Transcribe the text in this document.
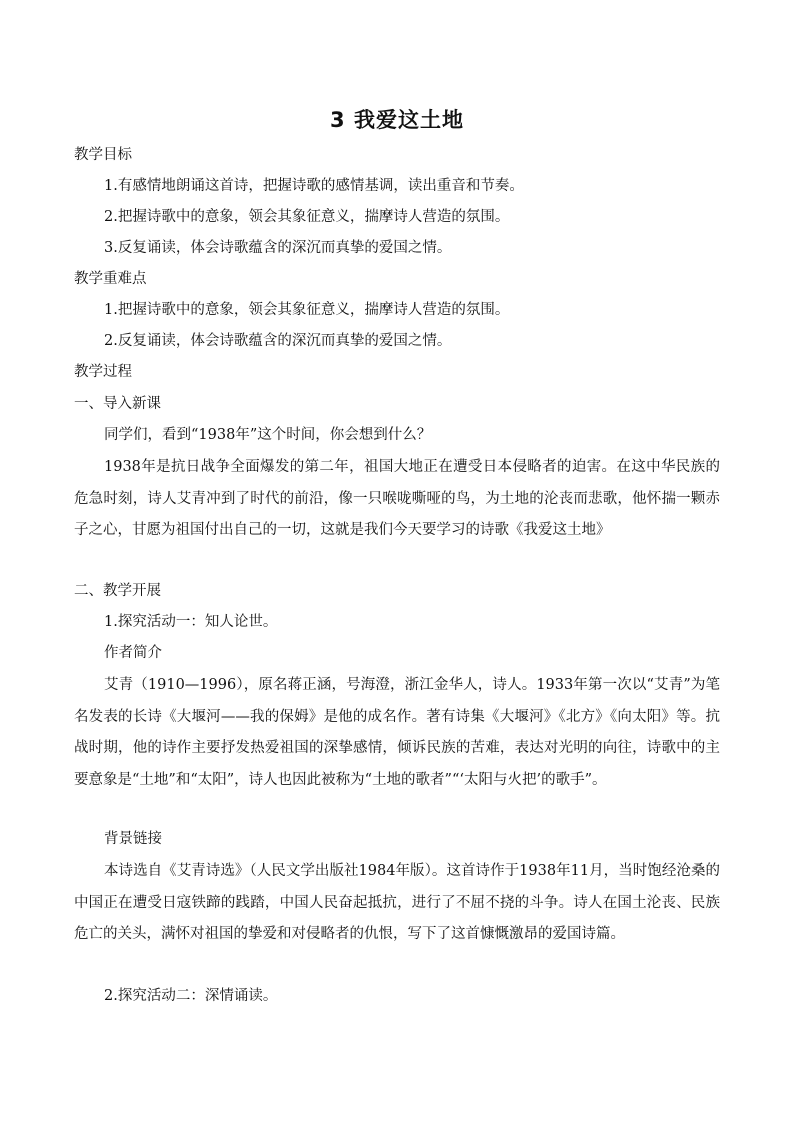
3 我爱这土地
教学目标
1.有感情地朗诵这首诗，把握诗歌的感情基调，读出重音和节奏。
2.把握诗歌中的意象，领会其象征意义，揣摩诗人营造的氛围。
3.反复诵读，体会诗歌蕴含的深沉而真挚的爱国之情。
教学重难点
1.把握诗歌中的意象，领会其象征意义，揣摩诗人营造的氛围。
2.反复诵读，体会诗歌蕴含的深沉而真挚的爱国之情。
教学过程
一、导入新课
同学们，看到“1938年”这个时间，你会想到什么？

1938年是抗日战争全面爆发的第二年，祖国大地正在遭受日本侵略者的迫害。在这中华民族的危急时刻，诗人艾青冲到了时代的前沿，像一只喉咙嘶哑的鸟，为土地的沦丧而悲歌，他怀揣一颗赤子之心，甘愿为祖国付出自己的一切，这就是我们今天要学习的诗歌《我爱这土地》

二、教学开展
1.探究活动一：知人论世。
作者简介

艾青（1910—1996），原名蒋正涵，号海澄，浙江金华人，诗人。1933年第一次以“艾青”为笔名发表的长诗《大堰河——我的保姆》是他的成名作。著有诗集《大堰河》《北方》《向太阳》等。抗战时期，他的诗作主要抒发热爱祖国的深挚感情，倾诉民族的苦难，表达对光明的向往，诗歌中的主要意象是“土地”和“太阳”，诗人也因此被称为“土地的歌者”“‘太阳与火把’的歌手”。

背景链接

本诗选自《艾青诗选》（人民文学出版社1984年版）。这首诗作于1938年11月，当时饱经沧桑的中国正在遭受日寇铁蹄的践踏，中国人民奋起抵抗，进行了不屈不挠的斗争。诗人在国土沦丧、民族危亡的关头，满怀对祖国的挚爱和对侵略者的仇恨，写下了这首慷慨激昂的爱国诗篇。

2.探究活动二：深情诵读。
